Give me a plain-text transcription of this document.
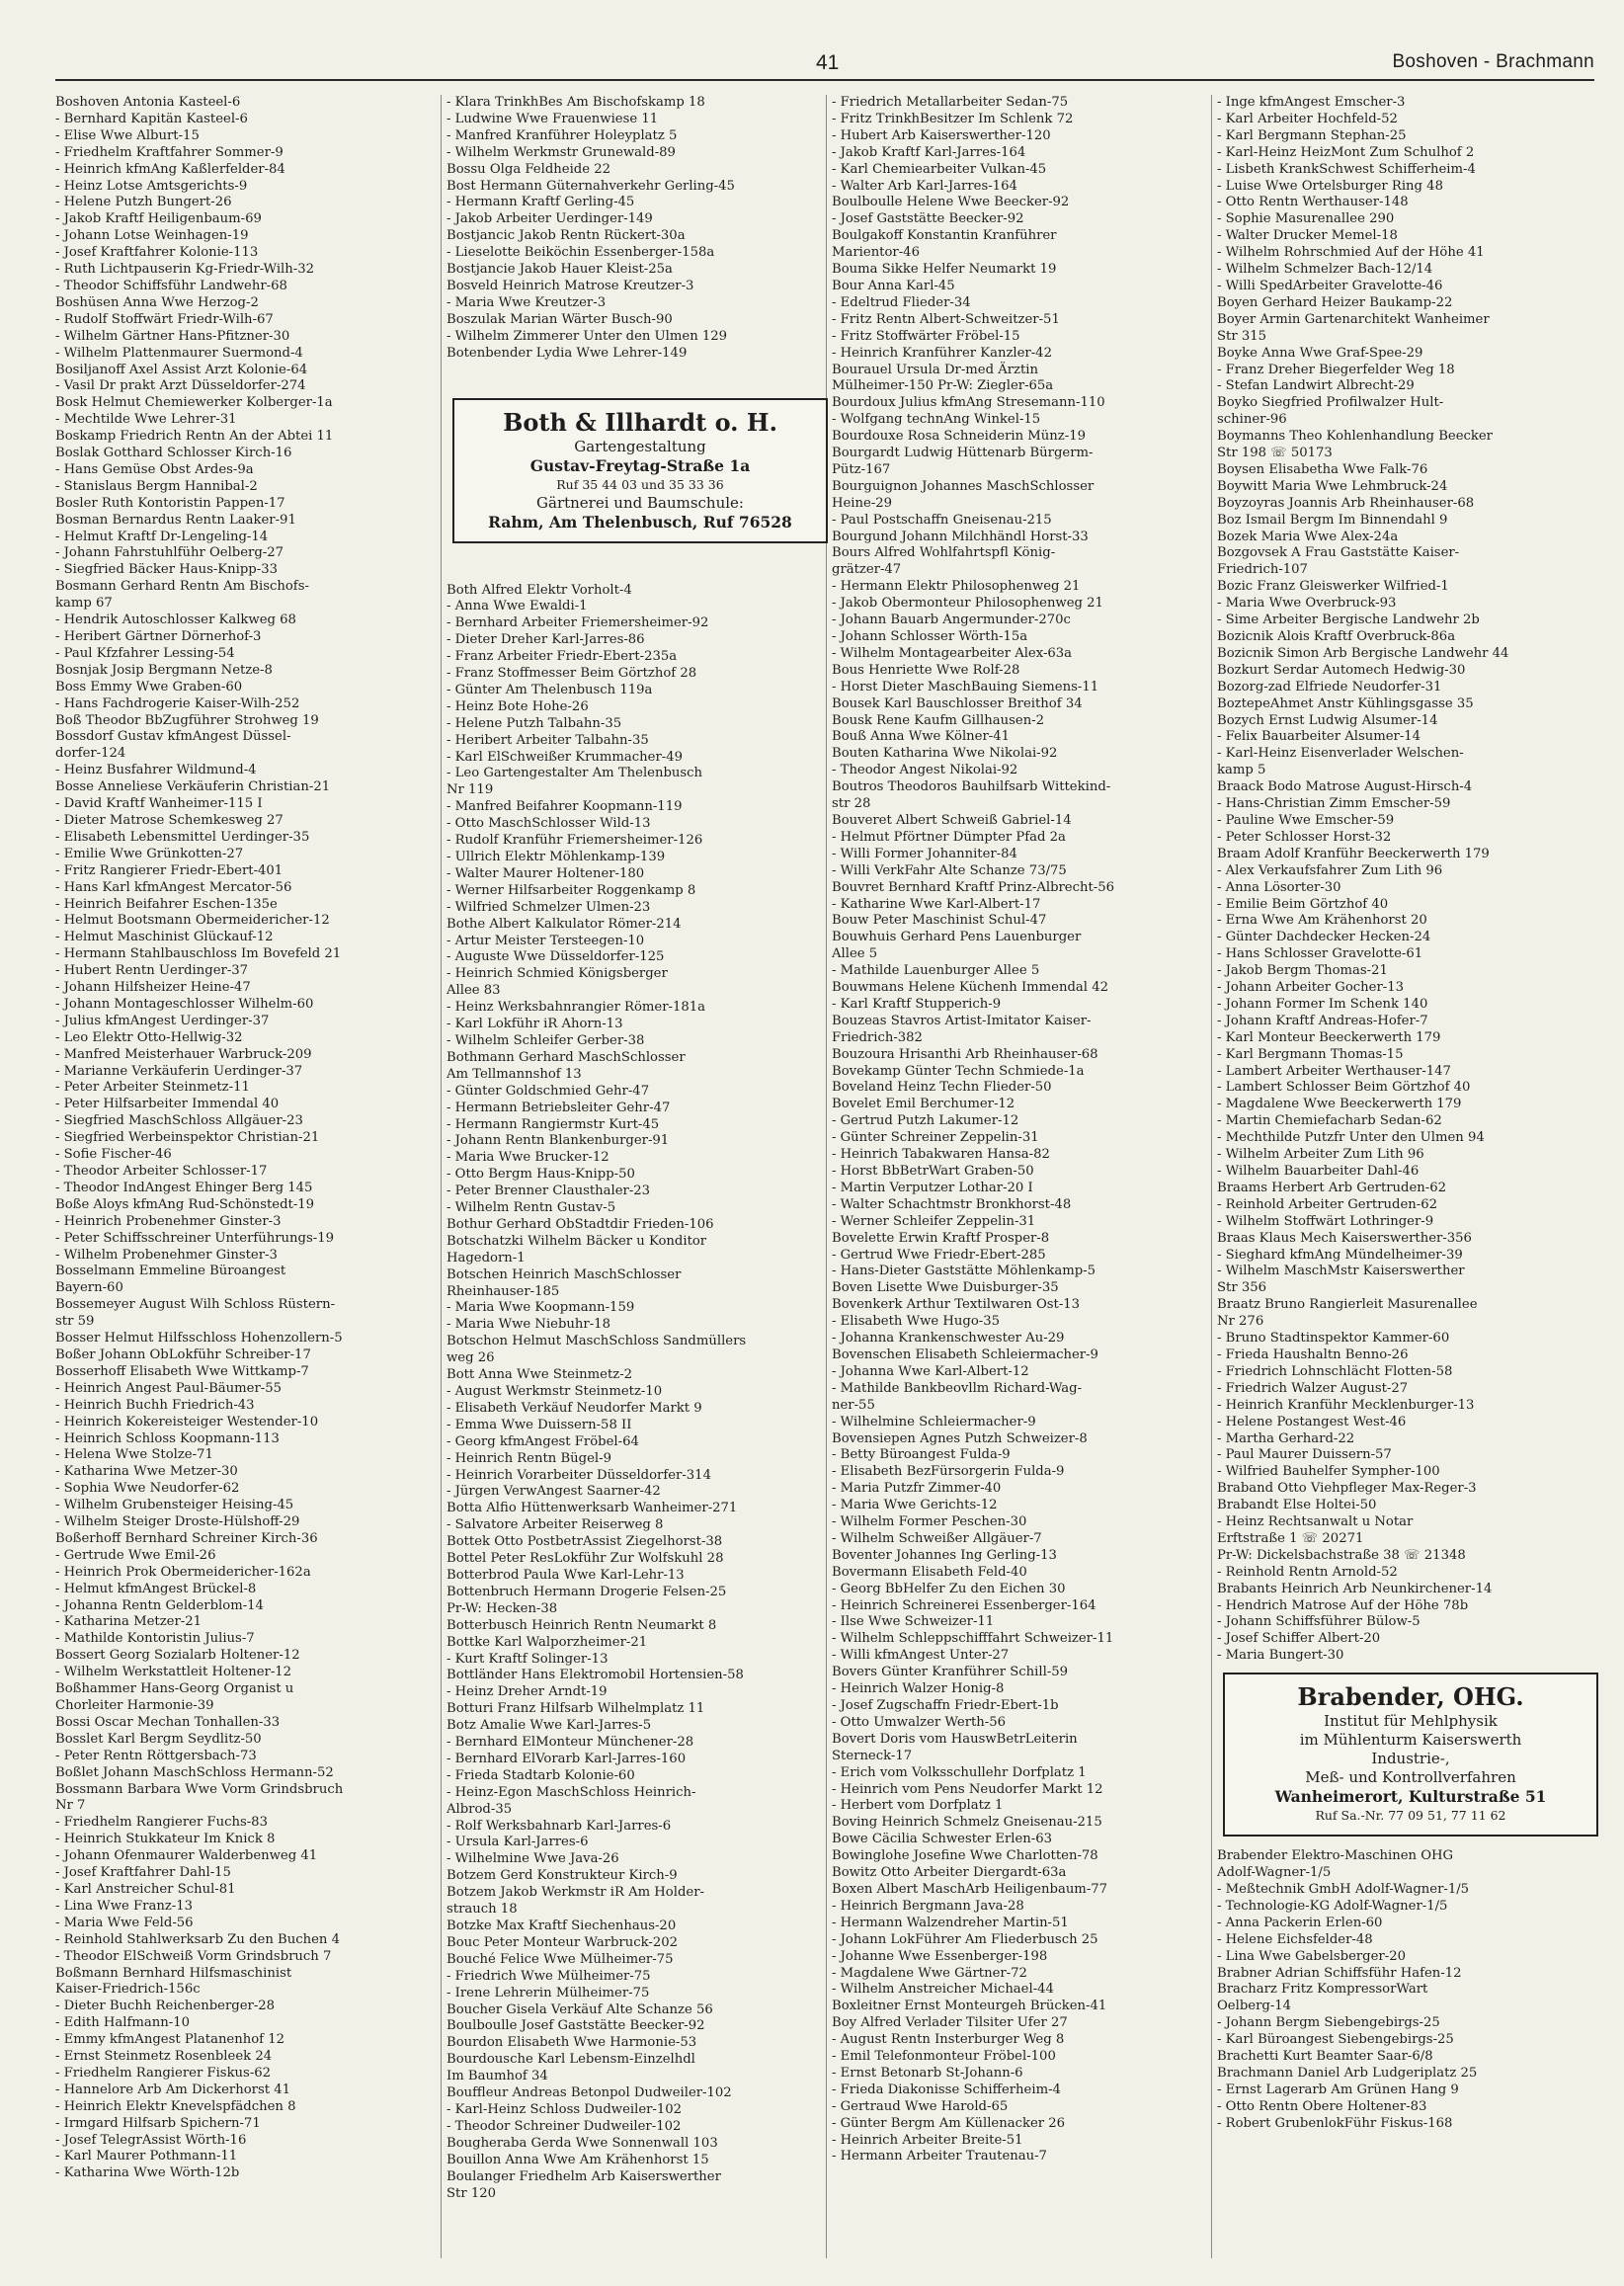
41	Boshoven - Brachmann
Boshoven Antonia Kasteel-6
- Bernhard Kapitän Kasteel-6
- Elise Wwe Alburt-15
- Friedhelm Kraftfahrer Sommer-9
- Heinrich kfmAng Kaßlerfelder-84
- Heinz Lotse Amtsgerichts-9
- Helene Putzh Bungert-26
- Jakob Kraftf Heiligenbaum-69
- Johann Lotse Weinhagen-19
- Josef Kraftfahrer Kolonie-113
- Ruth Lichtpauserin Kg-Friedr-Wilh-32
- Theodor Schiffsführ Landwehr-68
Boshüsen Anna Wwe Herzog-2
- Rudolf Stoffwärt Friedr-Wilh-67
- Wilhelm Gärtner Hans-Pfitzner-30
- Wilhelm Plattenmaurer Suermond-4
Bosiljanoff Axel Assist Arzt Kolonie-64
- Vasil Dr prakt Arzt Düsseldorfer-274
Bosk Helmut Chemiewerker Kolberger-1a
- Mechtilde Wwe Lehrer-31
Boskamp Friedrich Rentn An der Abtei 11
Boslak Gotthard Schlosser Kirch-16
- Hans Gemüse Obst Ardes-9a
- Stanislaus Bergm Hannibal-2
Bosler Ruth Kontoristin Pappen-17
Bosman Bernardus Rentn Laaker-91
- Helmut Kraftf Dr-Lengeling-14
- Johann Fahrstuhlführ Oelberg-27
- Siegfried Bäcker Haus-Knipp-33
Bosmann Gerhard Rentn Am Bischofs-
kamp 67
- Hendrik Autoschlosser Kalkweg 68
- Heribert Gärtner Dörnerhof-3
- Paul Kfzfahrer Lessing-54
Bosnjak Josip Bergmann Netze-8
Boss Emmy Wwe Graben-60
- Hans Fachdrogerie Kaiser-Wilh-252
Boß Theodor BbZugführer Strohweg 19
Bossdorf Gustav kfmAngest Düssel-
dorfer-124
- Heinz Busfahrer Wildmund-4
Bosse Anneliese Verkäuferin Christian-21
- David Kraftf Wanheimer-115 I
- Dieter Matrose Schemkesweg 27
- Elisabeth Lebensmittel Uerdinger-35
- Emilie Wwe Grünkotten-27
- Fritz Rangierer Friedr-Ebert-401
- Hans Karl kfmAngest Mercator-56
- Heinrich Beifahrer Eschen-135e
- Helmut Bootsmann Obermeidericher-12
- Helmut Maschinist Glückauf-12
- Hermann Stahlbauschloss Im Bovefeld 21
- Hubert Rentn Uerdinger-37
- Johann Hilfsheizer Heine-47
- Johann Montageschlosser Wilhelm-60
- Julius kfmAngest Uerdinger-37
- Leo Elektr Otto-Hellwig-32
- Manfred Meisterhauer Warbruck-209
- Marianne Verkäuferin Uerdinger-37
- Peter Arbeiter Steinmetz-11
- Peter Hilfsarbeiter Immendal 40
- Siegfried MaschSchloss Allgäuer-23
- Siegfried Werbeinspektor Christian-21
- Sofie Fischer-46
- Theodor Arbeiter Schlosser-17
- Theodor IndAngest Ehinger Berg 145
Boße Aloys kfmAng Rud-Schönstedt-19
- Heinrich Probenehmer Ginster-3
- Peter Schiffsschreiner Unterführungs-19
- Wilhelm Probenehmer Ginster-3
Bosselmann Emmeline Büroangest
Bayern-60
Bossemeyer August Wilh Schloss Rüstern-
str 59
Bosser Helmut Hilfsschloss Hohenzollern-5
Boßer Johann ObLokführ Schreiber-17
Bosserhoff Elisabeth Wwe Wittkamp-7
- Heinrich Angest Paul-Bäumer-55
- Heinrich Buchh Friedrich-43
- Heinrich Kokereisteiger Westender-10
- Heinrich Schloss Koopmann-113
- Helena Wwe Stolze-71
- Katharina Wwe Metzer-30
- Sophia Wwe Neudorfer-62
- Wilhelm Grubensteiger Heising-45
- Wilhelm Steiger Droste-Hülshoff-29
Boßerhoff Bernhard Schreiner Kirch-36
- Gertrude Wwe Emil-26
- Heinrich Prok Obermeidericher-162a
- Helmut kfmAngest Brückel-8
- Johanna Rentn Gelderblom-14
- Katharina Metzer-21
- Mathilde Kontoristin Julius-7
Bossert Georg Sozialarb Holtener-12
- Wilhelm Werkstattleit Holtener-12
Boßhammer Hans-Georg Organist u
Chorleiter Harmonie-39
Bossi Oscar Mechan Tonhallen-33
Bosslet Karl Bergm Seydlitz-50
- Peter Rentn Röttgersbach-73
Boßlet Johann MaschSchloss Hermann-52
Bossmann Barbara Wwe Vorm Grindsbruch
Nr 7
- Friedhelm Rangierer Fuchs-83
- Heinrich Stukkateur Im Knick 8
- Johann Ofenmaurer Walderbenweg 41
- Josef Kraftfahrer Dahl-15
- Karl Anstreicher Schul-81
- Lina Wwe Franz-13
- Maria Wwe Feld-56
- Reinhold Stahlwerksarb Zu den Buchen 4
- Theodor ElSchweiß Vorm Grindsbruch 7
Boßmann Bernhard Hilfsmaschinist
Kaiser-Friedrich-156c
- Dieter Buchh Reichenberger-28
- Edith Halfmann-10
- Emmy kfmAngest Platanenhof 12
- Ernst Steinmetz Rosenbleek 24
- Friedhelm Rangierer Fiskus-62
- Hannelore Arb Am Dickerhorst 41
- Heinrich Elektr Knevelspfädchen 8
- Irmgard Hilfsarb Spichern-71
- Josef TelegrAssist Wörth-16
- Karl Maurer Pothmann-11
- Katharina Wwe Wörth-12b
- Klara TrinkhBes Am Bischofskamp 18
- Ludwine Wwe Frauenwiese 11
- Manfred Kranführer Holeyplatz 5
- Wilhelm Werkmstr Grunewald-89
Bossu Olga Feldheide 22
Bost Hermann Güternahverkehr Gerling-45
- Hermann Kraftf Gerling-45
- Jakob Arbeiter Uerdinger-149
Bostjancic Jakob Rentn Rückert-30a
- Lieselotte Beiköchin Essenberger-158a
Bostjancie Jakob Hauer Kleist-25a
Bosveld Heinrich Matrose Kreutzer-3
- Maria Wwe Kreutzer-3
Boszulak Marian Wärter Busch-90
- Wilhelm Zimmerer Unter den Ulmen 129
Botenbender Lydia Wwe Lehrer-149
Both & Illhardt o. H.
Gartengestaltung
Gustav-Freytag-Straße 1a
Ruf 35 44 03 und 35 33 36
Gärtnerei und Baumschule:
Rahm, Am Thelenbusch, Ruf 76528
Both Alfred Elektr Vorholt-4
- Anna Wwe Ewaldi-1
- Bernhard Arbeiter Friemersheimer-92
- Dieter Dreher Karl-Jarres-86
- Franz Arbeiter Friedr-Ebert-235a
- Franz Stoffmesser Beim Görtzhof 28
- Günter Am Thelenbusch 119a
- Heinz Bote Hohe-26
- Helene Putzh Talbahn-35
- Heribert Arbeiter Talbahn-35
- Karl ElSchweißer Krummacher-49
- Leo Gartengestalter Am Thelenbusch
Nr 119
- Manfred Beifahrer Koopmann-119
- Otto MaschSchlosser Wild-13
- Rudolf Kranführ Friemersheimer-126
- Ullrich Elektr Möhlenkamp-139
- Walter Maurer Holtener-180
- Werner Hilfsarbeiter Roggenkamp 8
- Wilfried Schmelzer Ulmen-23
Bothe Albert Kalkulator Römer-214
- Artur Meister Tersteegen-10
- Auguste Wwe Düsseldorfer-125
- Heinrich Schmied Königsberger
Allee 83
- Heinz Werksbahnrangier Römer-181a
- Karl Lokführ iR Ahorn-13
- Wilhelm Schleifer Gerber-38
Bothmann Gerhard MaschSchlosser
Am Tellmannshof 13
- Günter Goldschmied Gehr-47
- Hermann Betriebsleiter Gehr-47
- Hermann Rangiermstr Kurt-45
- Johann Rentn Blankenburger-91
- Maria Wwe Brucker-12
- Otto Bergm Haus-Knipp-50
- Peter Brenner Clausthaler-23
- Wilhelm Rentn Gustav-5
Bothur Gerhard ObStadtdir Frieden-106
Botschatzki Wilhelm Bäcker u Konditor
Hagedorn-1
Botschen Heinrich MaschSchlosser
Rheinhauser-185
- Maria Wwe Koopmann-159
- Maria Wwe Niebuhr-18
Botschon Helmut MaschSchloss Sandmüllers
weg 26
Bott Anna Wwe Steinmetz-2
- August Werkmstr Steinmetz-10
- Elisabeth Verkäuf Neudorfer Markt 9
- Emma Wwe Duissern-58 II
- Georg kfmAngest Fröbel-64
- Heinrich Rentn Bügel-9
- Heinrich Vorarbeiter Düsseldorfer-314
- Jürgen VerwAngest Saarner-42
Botta Alfio Hüttenwerksarb Wanheimer-271
- Salvatore Arbeiter Reiserweg 8
Bottek Otto PostbetrAssist Ziegelhorst-38
Bottel Peter ResLokführ Zur Wolfskuhl 28
Botterbrod Paula Wwe Karl-Lehr-13
Bottenbruch Hermann Drogerie Felsen-25
Pr-W: Hecken-38
Botterbusch Heinrich Rentn Neumarkt 8
Bottke Karl Walporzheimer-21
- Kurt Kraftf Solinger-13
Bottländer Hans Elektromobil Hortensien-58
- Heinz Dreher Arndt-19
Botturi Franz Hilfsarb Wilhelmplatz 11
Botz Amalie Wwe Karl-Jarres-5
- Bernhard ElMonteur Münchener-28
- Bernhard ElVorarb Karl-Jarres-160
- Frieda Stadtarb Kolonie-60
- Heinz-Egon MaschSchloss Heinrich-
Albrod-35
- Rolf Werksbahnarb Karl-Jarres-6
- Ursula Karl-Jarres-6
- Wilhelmine Wwe Java-26
Botzem Gerd Konstrukteur Kirch-9
Botzem Jakob Werkmstr iR Am Holder-
strauch 18
Botzke Max Kraftf Siechenhaus-20
Bouc Peter Monteur Warbruck-202
Bouché Felice Wwe Mülheimer-75
- Friedrich Wwe Mülheimer-75
- Irene Lehrerin Mülheimer-75
Boucher Gisela Verkäuf Alte Schanze 56
Boulboulle Josef Gaststätte Beecker-92
Bourdon Elisabeth Wwe Harmonie-53
Bourdousche Karl Lebensm-Einzelhdl
Im Baumhof 34
Bouffleur Andreas Betonpol Dudweiler-102
- Karl-Heinz Schloss Dudweiler-102
- Theodor Schreiner Dudweiler-102
Bougheraba Gerda Wwe Sonnenwall 103
Bouillon Anna Wwe Am Krähenhorst 15
Boulanger Friedhelm Arb Kaiserswerther
Str 120
- Friedrich Metallarbeiter Sedan-75
- Fritz TrinkhBesitzer Im Schlenk 72
- Hubert Arb Kaiserswerther-120
- Jakob Kraftf Karl-Jarres-164
- Karl Chemiearbeiter Vulkan-45
- Walter Arb Karl-Jarres-164
Boulboulle Helene Wwe Beecker-92
- Josef Gaststätte Beecker-92
Boulgakoff Konstantin Kranführer
Marientor-46
Bouma Sikke Helfer Neumarkt 19
Bour Anna Karl-45
- Edeltrud Flieder-34
- Fritz Rentn Albert-Schweitzer-51
- Fritz Stoffwärter Fröbel-15
- Heinrich Kranführer Kanzler-42
Bourauel Ursula Dr-med Ärztin
Mülheimer-150 Pr-W: Ziegler-65a
Bourdoux Julius kfmAng Stresemann-110
- Wolfgang technAng Winkel-15
Bourdouxe Rosa Schneiderin Münz-19
Bourgardt Ludwig Hüttenarb Bürgerm-
Pütz-167
Bourguignon Johannes MaschSchlosser
Heine-29
- Paul Postschaffn Gneisenau-215
Bourgund Johann Milchhändl Horst-33
Bours Alfred Wohlfahrtspfl König-
grätzer-47
- Hermann Elektr Philosophenweg 21
- Jakob Obermonteur Philosophenweg 21
- Johann Bauarb Angermunder-270c
- Johann Schlosser Wörth-15a
- Wilhelm Montagearbeiter Alex-63a
Bous Henriette Wwe Rolf-28
- Horst Dieter MaschBauing Siemens-11
Bousek Karl Bauschlosser Breithof 34
Bousk Rene Kaufm Gillhausen-2
Bouß Anna Wwe Kölner-41
Bouten Katharina Wwe Nikolai-92
- Theodor Angest Nikolai-92
Boutros Theodoros Bauhilfsarb Wittekind-
str 28
Bouveret Albert Schweiß Gabriel-14
- Helmut Pförtner Dümpter Pfad 2a
- Willi Former Johanniter-84
- Willi VerkFahr Alte Schanze 73/75
Bouvret Bernhard Kraftf Prinz-Albrecht-56
- Katharine Wwe Karl-Albert-17
Bouw Peter Maschinist Schul-47
Bouwhuis Gerhard Pens Lauenburger
Allee 5
- Mathilde Lauenburger Allee 5
Bouwmans Helene Küchenh Immendal 42
- Karl Kraftf Stupperich-9
Bouzeas Stavros Artist-Imitator Kaiser-
Friedrich-382
Bouzoura Hrisanthi Arb Rheinhauser-68
Bovekamp Günter Techn Schmiede-1a
Boveland Heinz Techn Flieder-50
Bovelet Emil Berchumer-12
- Gertrud Putzh Lakumer-12
- Günter Schreiner Zeppelin-31
- Heinrich Tabakwaren Hansa-82
- Horst BbBetrWart Graben-50
- Martin Verputzer Lothar-20 I
- Walter Schachtmstr Bronkhorst-48
- Werner Schleifer Zeppelin-31
Bovelette Erwin Kraftf Prosper-8
- Gertrud Wwe Friedr-Ebert-285
- Hans-Dieter Gaststätte Möhlenkamp-5
Boven Lisette Wwe Duisburger-35
Bovenkerk Arthur Textilwaren Ost-13
- Elisabeth Wwe Hugo-35
- Johanna Krankenschwester Au-29
Bovenschen Elisabeth Schleiermacher-9
- Johanna Wwe Karl-Albert-12
- Mathilde Bankbeovllm Richard-Wag-
ner-55
- Wilhelmine Schleiermacher-9
Bovensiepen Agnes Putzh Schweizer-8
- Betty Büroangest Fulda-9
- Elisabeth BezFürsorgerin Fulda-9
- Maria Putzfr Zimmer-40
- Maria Wwe Gerichts-12
- Wilhelm Former Peschen-30
- Wilhelm Schweißer Allgäuer-7
Boventer Johannes Ing Gerling-13
Bovermann Elisabeth Feld-40
- Georg BbHelfer Zu den Eichen 30
- Heinrich Schreinerei Essenberger-164
- Ilse Wwe Schweizer-11
- Wilhelm Schleppschifffahrt Schweizer-11
- Willi kfmAngest Unter-27
Bovers Günter Kranführer Schill-59
- Heinrich Walzer Honig-8
- Josef Zugschaffn Friedr-Ebert-1b
- Otto Umwalzer Werth-56
Bovert Doris vom HauswBetrLeiterin
Sterneck-17
- Erich vom Volksschullehr Dorfplatz 1
- Heinrich vom Pens Neudorfer Markt 12
- Herbert vom Dorfplatz 1
Boving Heinrich Schmelz Gneisenau-215
Bowe Cäcilia Schwester Erlen-63
Bowinglohe Josefine Wwe Charlotten-78
Bowitz Otto Arbeiter Diergardt-63a
Boxen Albert MaschArb Heiligenbaum-77
- Heinrich Bergmann Java-28
- Hermann Walzendreher Martin-51
- Johann LokFührer Am Fliederbusch 25
- Johanne Wwe Essenberger-198
- Magdalene Wwe Gärtner-72
- Wilhelm Anstreicher Michael-44
Boxleitner Ernst Monteurgeh Brücken-41
Boy Alfred Verlader Tilsiter Ufer 27
- August Rentn Insterburger Weg 8
- Emil Telefonmonteur Fröbel-100
- Ernst Betonarb St-Johann-6
- Frieda Diakonisse Schifferheim-4
- Gertraud Wwe Harold-65
- Günter Bergm Am Küllenacker 26
- Heinrich Arbeiter Breite-51
- Hermann Arbeiter Trautenau-7
- Inge kfmAngest Emscher-3
- Karl Arbeiter Hochfeld-52
- Karl Bergmann Stephan-25
- Karl-Heinz HeizMont Zum Schulhof 2
- Lisbeth KrankSchwest Schifferheim-4
- Luise Wwe Ortelsburger Ring 48
- Otto Rentn Werthauser-148
- Sophie Masurenallee 290
- Walter Drucker Memel-18
- Wilhelm Rohrschmied Auf der Höhe 41
- Wilhelm Schmelzer Bach-12/14
- Willi SpedArbeiter Gravelotte-46
Boyen Gerhard Heizer Baukamp-22
Boyer Armin Gartenarchitekt Wanheimer
Str 315
Boyke Anna Wwe Graf-Spee-29
- Franz Dreher Biegerfelder Weg 18
- Stefan Landwirt Albrecht-29
Boyko Siegfried Profilwalzer Hult-
schiner-96
Boymanns Theo Kohlenhandlung Beecker
Str 198 ☏ 50173
Boysen Elisabetha Wwe Falk-76
Boywitt Maria Wwe Lehmbruck-24
Boyzoyras Joannis Arb Rheinhauser-68
Boz Ismail Bergm Im Binnendahl 9
Bozek Maria Wwe Alex-24a
Bozgovsek A Frau Gaststätte Kaiser-
Friedrich-107
Bozic Franz Gleiswerker Wilfried-1
- Maria Wwe Overbruck-93
- Sime Arbeiter Bergische Landwehr 2b
Bozicnik Alois Kraftf Overbruck-86a
Bozicnik Simon Arb Bergische Landwehr 44
Bozkurt Serdar Automech Hedwig-30
Bozorg-zad Elfriede Neudorfer-31
BoztepeAhmet Anstr Kühlingsgasse 35
Bozych Ernst Ludwig Alsumer-14
- Felix Bauarbeiter Alsumer-14
- Karl-Heinz Eisenverlader Welschen-
kamp 5
Braack Bodo Matrose August-Hirsch-4
- Hans-Christian Zimm Emscher-59
- Pauline Wwe Emscher-59
- Peter Schlosser Horst-32
Braam Adolf Kranführ Beeckerwerth 179
- Alex Verkaufsfahrer Zum Lith 96
- Anna Lösorter-30
- Emilie Beim Görtzhof 40
- Erna Wwe Am Krähenhorst 20
- Günter Dachdecker Hecken-24
- Hans Schlosser Gravelotte-61
- Jakob Bergm Thomas-21
- Johann Arbeiter Gocher-13
- Johann Former Im Schenk 140
- Johann Kraftf Andreas-Hofer-7
- Karl Monteur Beeckerwerth 179
- Karl Bergmann Thomas-15
- Lambert Arbeiter Werthauser-147
- Lambert Schlosser Beim Görtzhof 40
- Magdalene Wwe Beeckerwerth 179
- Martin Chemiefacharb Sedan-62
- Mechthilde Putzfr Unter den Ulmen 94
- Wilhelm Arbeiter Zum Lith 96
- Wilhelm Bauarbeiter Dahl-46
Braams Herbert Arb Gertruden-62
- Reinhold Arbeiter Gertruden-62
- Wilhelm Stoffwärt Lothringer-9
Braas Klaus Mech Kaiserswerther-356
- Sieghard kfmAng Mündelheimer-39
- Wilhelm MaschMstr Kaiserswerther
Str 356
Braatz Bruno Rangierleit Masurenallee
Nr 276
- Bruno Stadtinspektor Kammer-60
- Frieda Haushaltn Benno-26
- Friedrich Lohnschlächt Flotten-58
- Friedrich Walzer August-27
- Heinrich Kranführ Mecklenburger-13
- Helene Postangest West-46
- Martha Gerhard-22
- Paul Maurer Duissern-57
- Wilfried Bauhelfer Sympher-100
Braband Otto Viehpfleger Max-Reger-3
Brabandt Else Holtei-50
- Heinz Rechtsanwalt u Notar
Erftstraße 1 ☏ 20271
Pr-W: Dickelsbachstraße 38 ☏ 21348
- Reinhold Rentn Arnold-52
Brabants Heinrich Arb Neunkirchener-14
- Hendrich Matrose Auf der Höhe 78b
- Johann Schiffsführer Bülow-5
- Josef Schiffer Albert-20
- Maria Bungert-30
Brabender, OHG.
Institut für Mehlphysik
im Mühlenturm Kaiserswerth
Industrie-,
Meß- und Kontrollverfahren
Wanheimerort, Kulturstraße 51
Ruf Sa.-Nr. 77 09 51, 77 11 62
Brabender Elektro-Maschinen OHG
Adolf-Wagner-1/5
- Meßtechnik GmbH Adolf-Wagner-1/5
- Technologie-KG Adolf-Wagner-1/5
- Anna Packerin Erlen-60
- Helene Eichsfelder-48
- Lina Wwe Gabelsberger-20
Brabner Adrian Schiffsführ Hafen-12
Bracharz Fritz KompressorWart
Oelberg-14
- Johann Bergm Siebengebirgs-25
- Karl Büroangest Siebengebirgs-25
Brachetti Kurt Beamter Saar-6/8
Brachmann Daniel Arb Ludgeriplatz 25
- Ernst Lagerarb Am Grünen Hang 9
- Otto Rentn Obere Holtener-83
- Robert GrubenlokFühr Fiskus-168
